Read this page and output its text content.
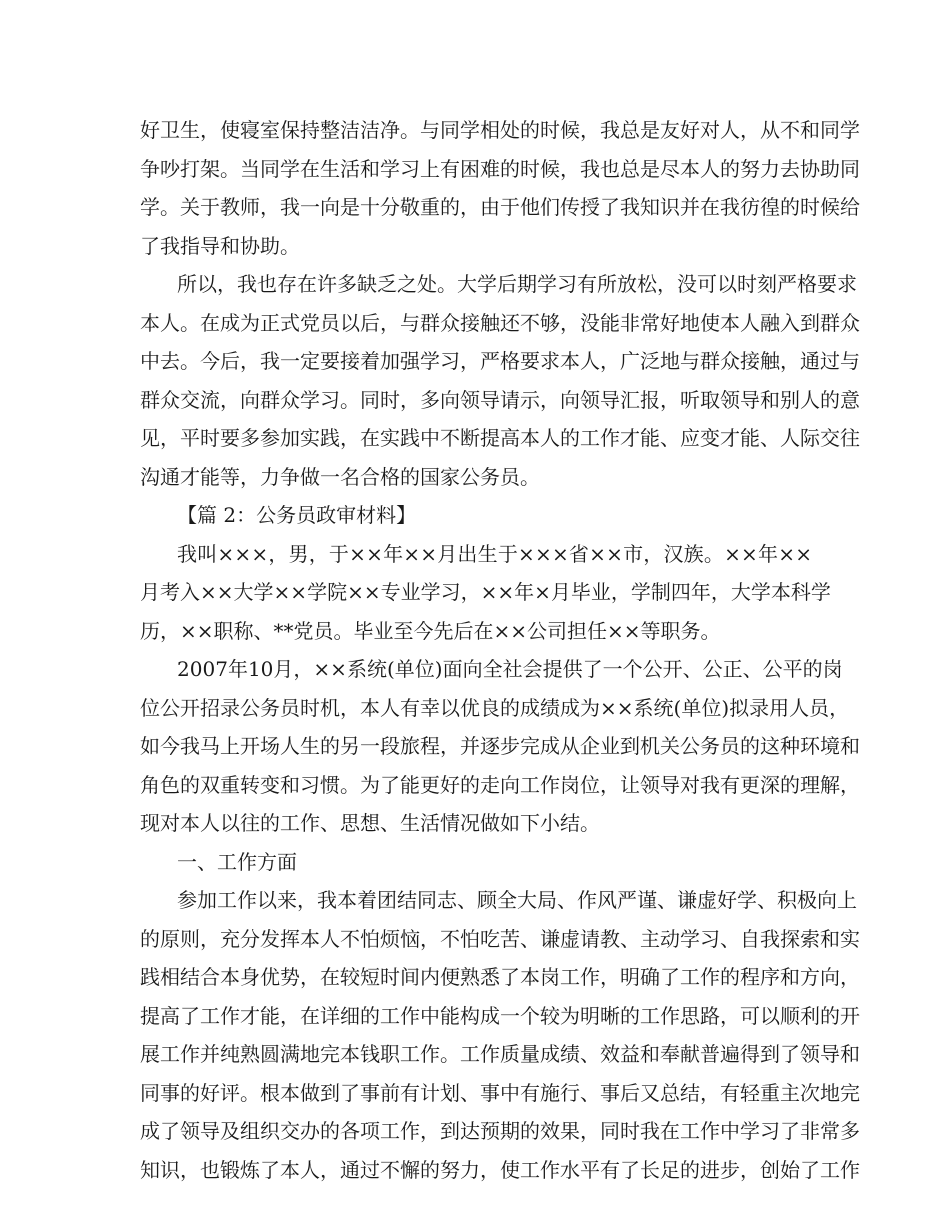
好 卫 生 ， 使 寝 室 保 持 整 洁 洁 净 。 与 同 学 相 处 的 时 候 ， 我 总 是 友 好 对 人 ， 从 不 和 同 学
争 吵 打 架 。 当 同 学 在 生 活 和 学 习 上 有 困 难 的 时 候 ， 我 也 总 是 尽 本 人 的 努 力 去 协 助 同
学 。 关 于 教 师 ， 我 一 向 是 十 分 敬 重 的 ， 由 于 他 们 传 授 了 我 知 识 并 在 我 彷 徨 的 时 候 给
了我指导和协助。
所 以 ， 我 也 存 在 许 多 缺 乏 之 处 。 大 学 后 期 学 习 有 所 放 松 ， 没 可 以 时 刻 严 格 要 求
本 人 。 在 成 为 正 式 党 员 以 后 ， 与 群 众 接 触 还 不 够 ， 没 能 非 常 好 地 使 本 人 融 入 到 群 众
中 去 。 今 后 ， 我 一 定 要 接 着 加 强 学 习 ， 严 格 要 求 本 人 ， 广 泛 地 与 群 众 接 触 ， 通 过 与
群 众 交 流 ， 向 群 众 学 习 。 同 时 ， 多 向 领 导 请 示 ， 向 领 导 汇 报 ， 听 取 领 导 和 别 人 的 意
见 ， 平 时 要 多 参 加 实 践 ， 在 实 践 中 不 断 提 高 本 人 的 工 作 才 能 、 应 变 才 能 、 人 际 交 往
沟通才能等，力争做一名合格的国家公务员。
【篇 2：公务员政审材料】
我 叫 × × × ， 男 ， 于 × × 年 × × 月 出 生 于 × × × 省 × × 市 ， 汉 族 。 × × 年 × ×
月 考 入 × × 大 学 × × 学 院 × × 专 业 学 习 ， × × 年 × 月 毕 业 ， 学 制 四 年 ， 大 学 本 科 学
历，××职称、**党员。毕业至今先后在××公司担任××等职务。
2 0 0 7 年 1 0 月 ， × × 系 统 ( 单 位 ) 面 向 全 社 会 提 供 了 一 个 公 开 、 公 正 、 公 平 的 岗
位 公 开 招 录 公 务 员 时 机 ， 本 人 有 幸 以 优 良 的 成 绩 成 为 × × 系 统 ( 单 位 ) 拟 录 用 人 员 ，
如 今 我 马 上 开 场 人 生 的 另 一 段 旅 程 ， 并 逐 步 完 成 从 企 业 到 机 关 公 务 员 的 这 种 环 境 和
角 色 的 双 重 转 变 和 习 惯 。 为 了 能 更 好 的 走 向 工 作 岗 位 ， 让 领 导 对 我 有 更 深 的 理 解 ，
现对本人以往的工作、思想、生活情况做如下小结。
一、工作方面
参 加 工 作 以 来 ， 我 本 着 团 结 同 志 、 顾 全 大 局 、 作 风 严 谨 、 谦 虚 好 学 、 积 极 向 上
的 原 则 ， 充 分 发 挥 本 人 不 怕 烦 恼 ， 不 怕 吃 苦 、 谦 虚 请 教 、 主 动 学 习 、 自 我 探 索 和 实
践 相 结 合 本 身 优 势 ， 在 较 短 时 间 内 便 熟 悉 了 本 岗 工 作 ， 明 确 了 工 作 的 程 序 和 方 向 ，
提 高 了 工 作 才 能 ， 在 详 细 的 工 作 中 能 构 成 一 个 较 为 明 晰 的 工 作 思 路 ， 可 以 顺 利 的 开
展 工 作 并 纯 熟 圆 满 地 完 本 钱 职 工 作 。 工 作 质 量 成 绩 、 效 益 和 奉 献 普 遍 得 到 了 领 导 和
同 事 的 好 评 。 根 本 做 到 了 事 前 有 计 划 、 事 中 有 施 行 、 事 后 又 总 结 ， 有 轻 重 主 次 地 完
成 了 领 导 及 组 织 交 办 的 各 项 工 作 ， 到 达 预 期 的 效 果 ， 同 时 我 在 工 作 中 学 习 了 非 常 多
知 识 ， 也 锻 炼 了 本 人 ， 通 过 不 懈 的 努 力 ， 使 工 作 水 平 有 了 长 足 的 进 步 ， 创 始 了 工 作
